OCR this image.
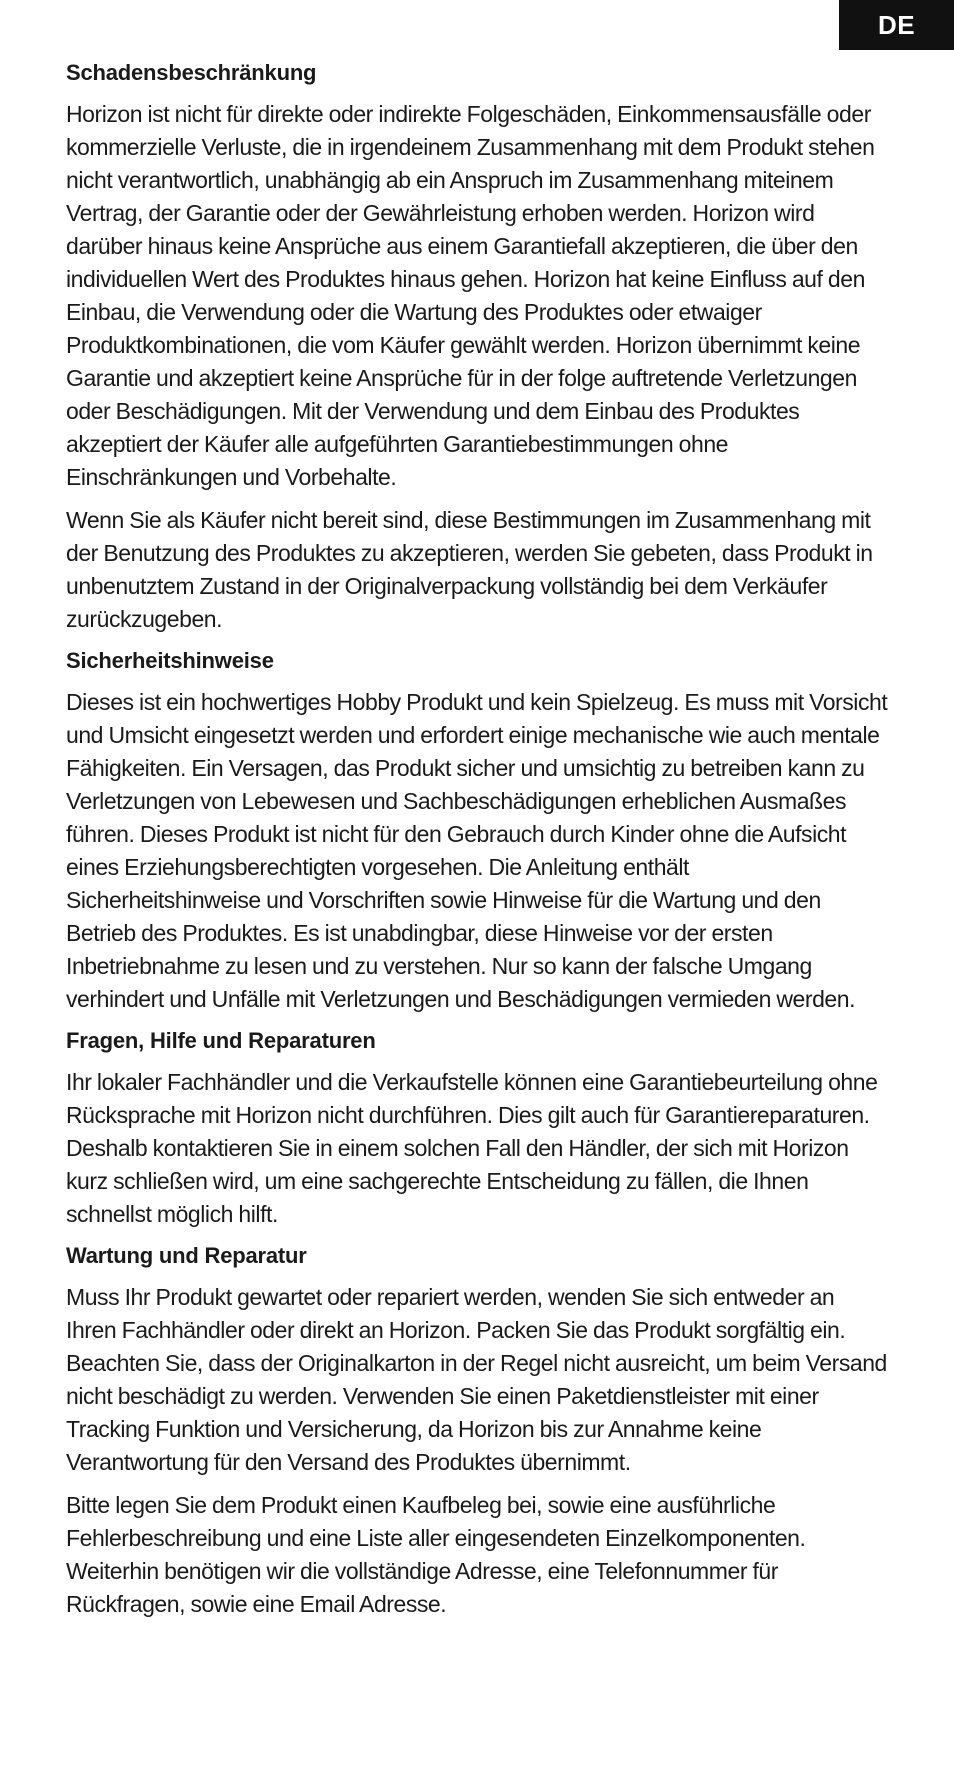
DE
Schadensbeschränkung

Horizon ist nicht für direkte oder indirekte Folgeschäden, Einkommensausfälle oder kommerzielle Verluste, die in irgendeinem Zusammenhang mit dem Produkt stehen nicht verantwortlich, unabhängig ab ein Anspruch im Zusammenhang miteinem Vertrag, der Garantie oder der Gewährleistung erhoben werden. Horizon wird darüber hinaus keine Ansprüche aus einem Garantiefall akzeptieren, die über den individuellen Wert des Produktes hinaus gehen. Horizon hat keine Einfluss auf den Einbau, die Verwendung oder die Wartung des Produktes oder etwaiger Produktkombinationen, die vom Käufer gewählt werden. Horizon übernimmt keine Garantie und akzeptiert keine Ansprüche für in der folge auftretende Verletzungen oder Beschädigungen. Mit der Verwendung und dem Einbau des Produktes akzeptiert der Käufer alle aufgeführten Garantiebestimmungen ohne Einschränkungen und Vorbehalte.

Wenn Sie als Käufer nicht bereit sind, diese Bestimmungen im Zusammenhang mit der Benutzung des Produktes zu akzeptieren, werden Sie gebeten, dass Produkt in unbenutztem Zustand in der Originalverpackung vollständig bei dem Verkäufer zurückzugeben.

Sicherheitshinweise

Dieses ist ein hochwertiges Hobby Produkt und kein Spielzeug. Es muss mit Vorsicht und Umsicht eingesetzt werden und erfordert einige mechanische wie auch mentale Fähigkeiten. Ein Versagen, das Produkt sicher und umsichtig zu betreiben kann zu Verletzungen von Lebewesen und Sachbeschädigungen erheblichen Ausmaßes führen. Dieses Produkt ist nicht für den Gebrauch durch Kinder ohne die Aufsicht eines Erziehungsberechtigten vorgesehen. Die Anleitung enthält Sicherheitshinweise und Vorschriften sowie Hinweise für die Wartung und den Betrieb des Produktes. Es ist unabdingbar, diese Hinweise vor der ersten Inbetriebnahme zu lesen und zu verstehen. Nur so kann der falsche Umgang verhindert und Unfälle mit Verletzungen und Beschädigungen vermieden werden.

Fragen, Hilfe und Reparaturen

Ihr lokaler Fachhändler und die Verkaufstelle können eine Garantiebeurteilung ohne Rücksprache mit Horizon nicht durchführen. Dies gilt auch für Garantiereparaturen. Deshalb kontaktieren Sie in einem solchen Fall den Händler, der sich mit Horizon kurz schließen wird, um eine sachgerechte Entscheidung zu fällen, die Ihnen schnellst möglich hilft.

Wartung und Reparatur

Muss Ihr Produkt gewartet oder repariert werden, wenden Sie sich entweder an Ihren Fachhändler oder direkt an Horizon. Packen Sie das Produkt sorgfältig ein. Beachten Sie, dass der Originalkarton in der Regel nicht ausreicht, um beim Versand nicht beschädigt zu werden. Verwenden Sie einen Paketdienstleister mit einer Tracking Funktion und Versicherung, da Horizon bis zur Annahme keine Verantwortung für den Versand des Produktes übernimmt.

Bitte legen Sie dem Produkt einen Kaufbeleg bei, sowie eine ausführliche Fehlerbeschreibung und eine Liste aller eingesendeten Einzelkomponenten. Weiterhin benötigen wir die vollständige Adresse, eine Telefonnummer für Rückfragen, sowie eine Email Adresse.
